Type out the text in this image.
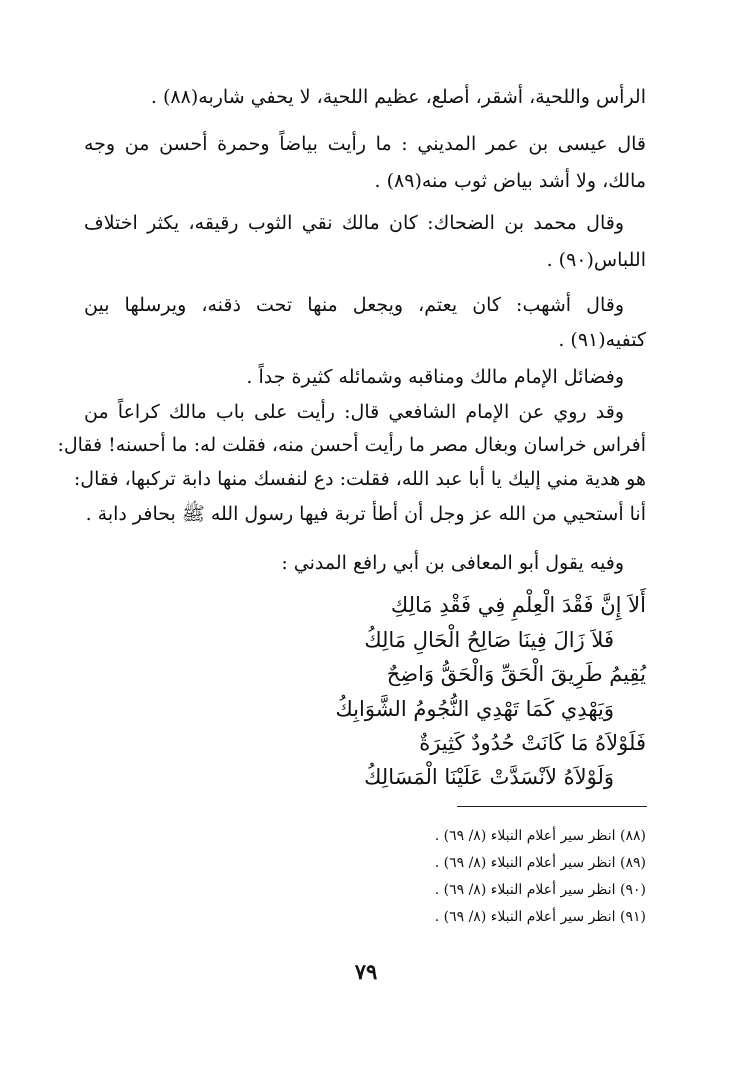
الرأس واللحية، أشقر، أصلع، عظيم اللحية، لا يحفي شاربه(٨٨) .
قال عيسى بن عمر المديني : ما رأيت بياضاً وحمرة أحسن من وجه
مالك، ولا أشد بياض ثوب منه(٨٩) .
وقال محمد بن الضحاك: كان مالك نقي الثوب رقيقه، يكثر اختلاف
اللباس(٩٠) .
وقال أشهب: كان يعتم، ويجعل منها تحت ذقنه، ويرسلها بين
كتفيه(٩١) .
وفضائل الإمام مالك ومناقبه وشمائله كثيرة جداً .
وقد روي عن الإمام الشافعي قال: رأيت على باب مالك كراعاً من
أفراس خراسان وبغال مصر ما رأيت أحسن منه، فقلت له: ما أحسنه! فقال:
هو هدية مني إليك يا أبا عبد الله، فقلت: دع لنفسك منها دابة تركبها، فقال:
أنا أستحيي من الله عز وجل أن أطأ تربة فيها رسول الله ﷺ بحافر دابة .
وفيه يقول أبو المعافى بن أبي رافع المدني :
أَلاَ إِنَّ فَقْدَ الْعِلْمِ فِي فَقْدِ مَالِكِ
فَلاَ زَالَ فِينَا صَالِحُ الْحَالِ مَالِكُ
يُقِيمُ طَرِيقَ الْحَقِّ وَالْحَقُّ وَاضِحٌ
وَيَهْدِي كَمَا تَهْدِي النُّجُومُ الشَّوَابِكُ
فَلَوْلاَهُ مَا كَانَتْ حُدُودٌ كَثِيرَةٌ
وَلَوْلاَهُ لاَنْسَدَّتْ عَلَيْنَا الْمَسَالِكُ
(٨٨) انظر سير أعلام النبلاء (٨/ ٦٩) .
(٨٩) انظر سير أعلام النبلاء (٨/ ٦٩) .
(٩٠) انظر سير أعلام النبلاء (٨/ ٦٩) .
(٩١) انظر سير أعلام النبلاء (٨/ ٦٩) .
٧٩
